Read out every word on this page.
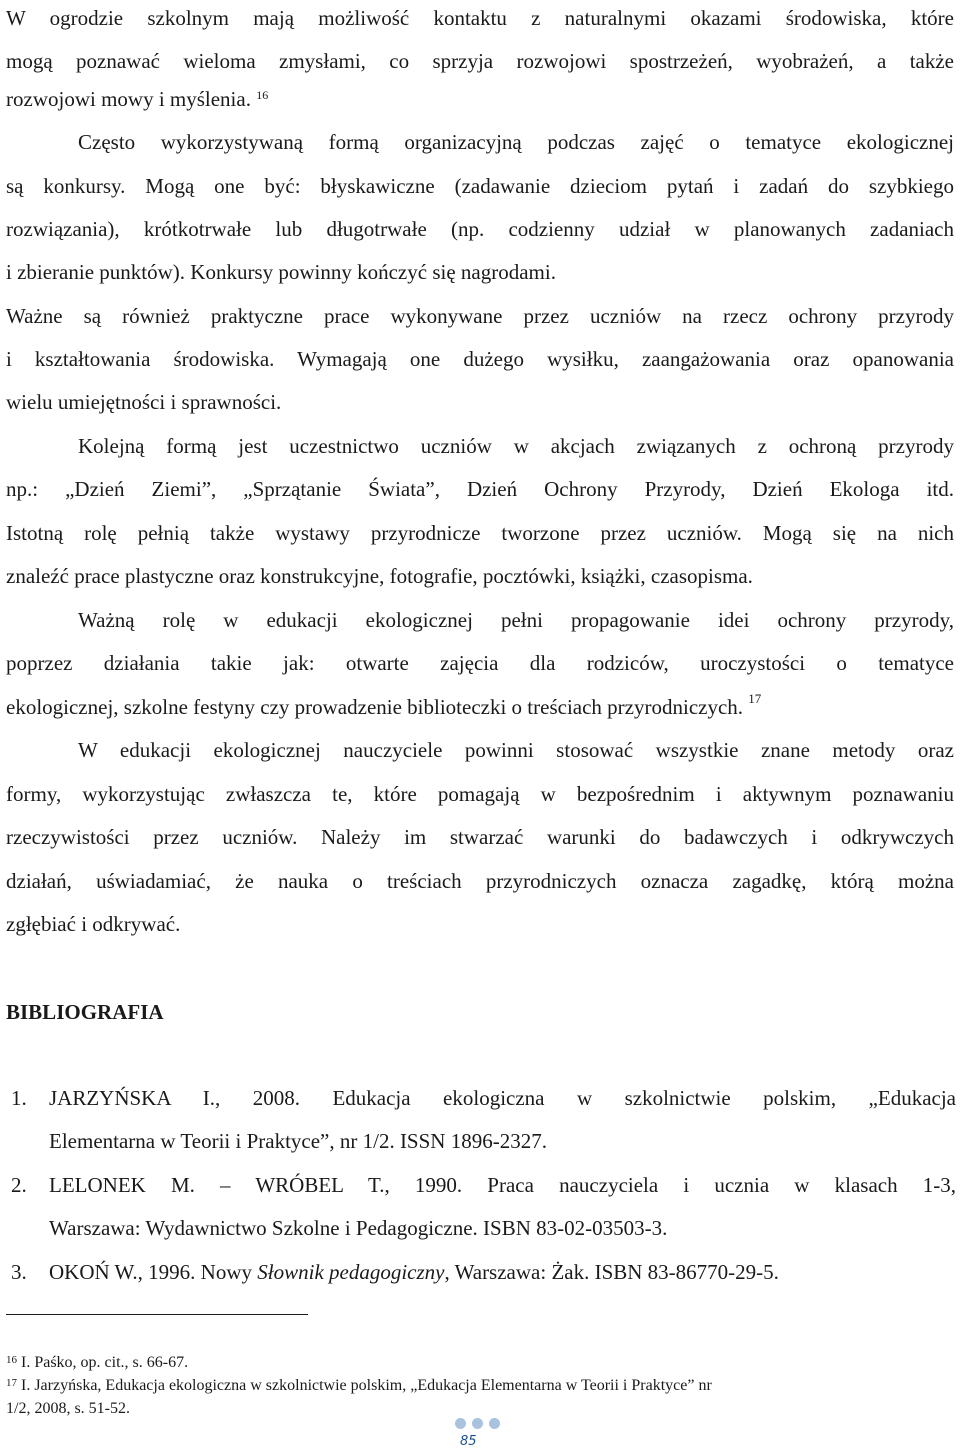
W ogrodzie szkolnym mają możliwość kontaktu z naturalnymi okazami środowiska, które
mogą poznawać wieloma zmysłami, co sprzyja rozwojowi spostrzeżeń, wyobrażeń, a także
rozwojowi mowy i myślenia. $^{16}$
Często wykorzystywaną formą organizacyjną podczas zajęć o tematyce ekologicznej
są konkursy. Mogą one być: błyskawiczne (zadawanie dzieciom pytań i zadań do szybkiego
rozwiązania), krótkotrwałe lub długotrwałe (np. codzienny udział w planowanych zadaniach
i zbieranie punktów). Konkursy powinny kończyć się nagrodami.
Ważne są również praktyczne prace wykonywane przez uczniów na rzecz ochrony przyrody
i kształtowania środowiska. Wymagają one dużego wysiłku, zaangażowania oraz opanowania
wielu umiejętności i sprawności.
Kolejną formą jest uczestnictwo uczniów w akcjach związanych z ochroną przyrody
np.: „Dzień Ziemi”, „Sprzątanie Świata”, Dzień Ochrony Przyrody, Dzień Ekologa itd.
Istotną rolę pełnią także wystawy przyrodnicze tworzone przez uczniów. Mogą się na nich
znaleźć prace plastyczne oraz konstrukcyjne, fotografie, pocztówki, książki, czasopisma.
Ważną rolę w edukacji ekologicznej pełni propagowanie idei ochrony przyrody,
poprzez działania takie jak: otwarte zajęcia dla rodziców, uroczystości o tematyce
ekologicznej, szkolne festyny czy prowadzenie biblioteczki o treściach przyrodniczych. $^{17}$
W edukacji ekologicznej nauczyciele powinni stosować wszystkie znane metody oraz
formy, wykorzystując zwłaszcza te, które pomagają w bezpośrednim i aktywnym poznawaniu
rzeczywistości przez uczniów. Należy im stwarzać warunki do badawczych i odkrywczych
działań, uświadamiać, że nauka o treściach przyrodniczych oznacza zagadkę, którą można
zgłębiać i odkrywać.
BIBLIOGRAFIA
1.	JARZYŃSKA I., 2008. Edukacja ekologiczna w szkolnictwie polskim, „Edukacja
Elementarna w Teorii i Praktyce”, nr 1/2. ISSN 1896-2327.
2.	LELONEK M. – WRÓBEL T., 1990. Praca nauczyciela i ucznia w klasach 1-3,
Warszawa: Wydawnictwo Szkolne i Pedagogiczne. ISBN 83-02-03503-3.
3.	OKOŃ W., 1996. Nowy Słownik pedagogiczny, Warszawa: Żak. ISBN 83-86770-29-5.
$^{16}$ I. Paśko, op. cit., s. 66-67.
$^{17}$ I. Jarzyńska, Edukacja ekologiczna w szkolnictwie polskim, „Edukacja Elementarna w Teorii i Praktyce” nr
1/2, 2008, s. 51-52.
85
